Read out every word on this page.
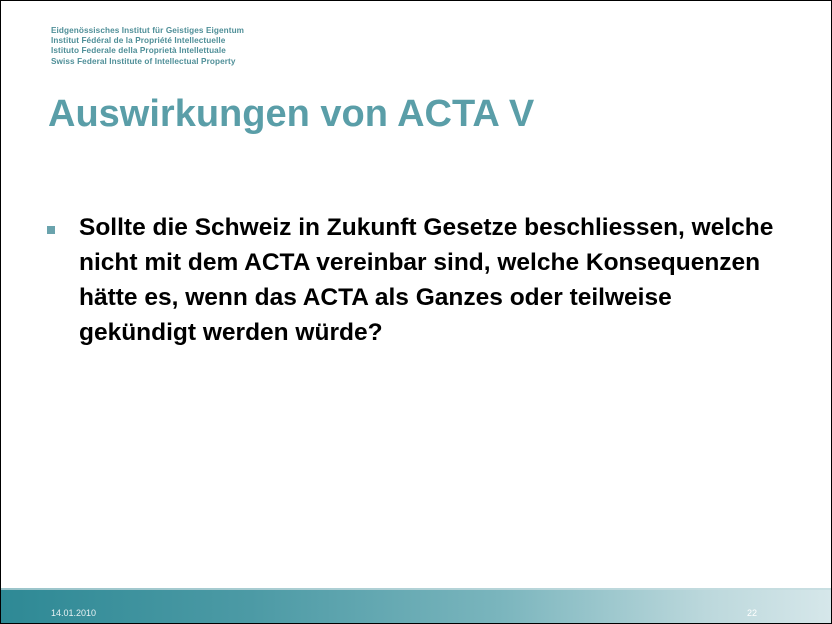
Eidgenössisches Institut für Geistiges Eigentum
Institut Fédéral de la Propriété Intellectuelle
Istituto Federale della Proprietà Intellettuale
Swiss Federal Institute of Intellectual Property
Auswirkungen von ACTA V
Sollte die Schweiz in Zukunft Gesetze beschliessen, welche nicht mit dem ACTA vereinbar sind, welche Konsequenzen hätte es, wenn das ACTA als Ganzes oder teilweise gekündigt werden würde?
14.01.2010	22
